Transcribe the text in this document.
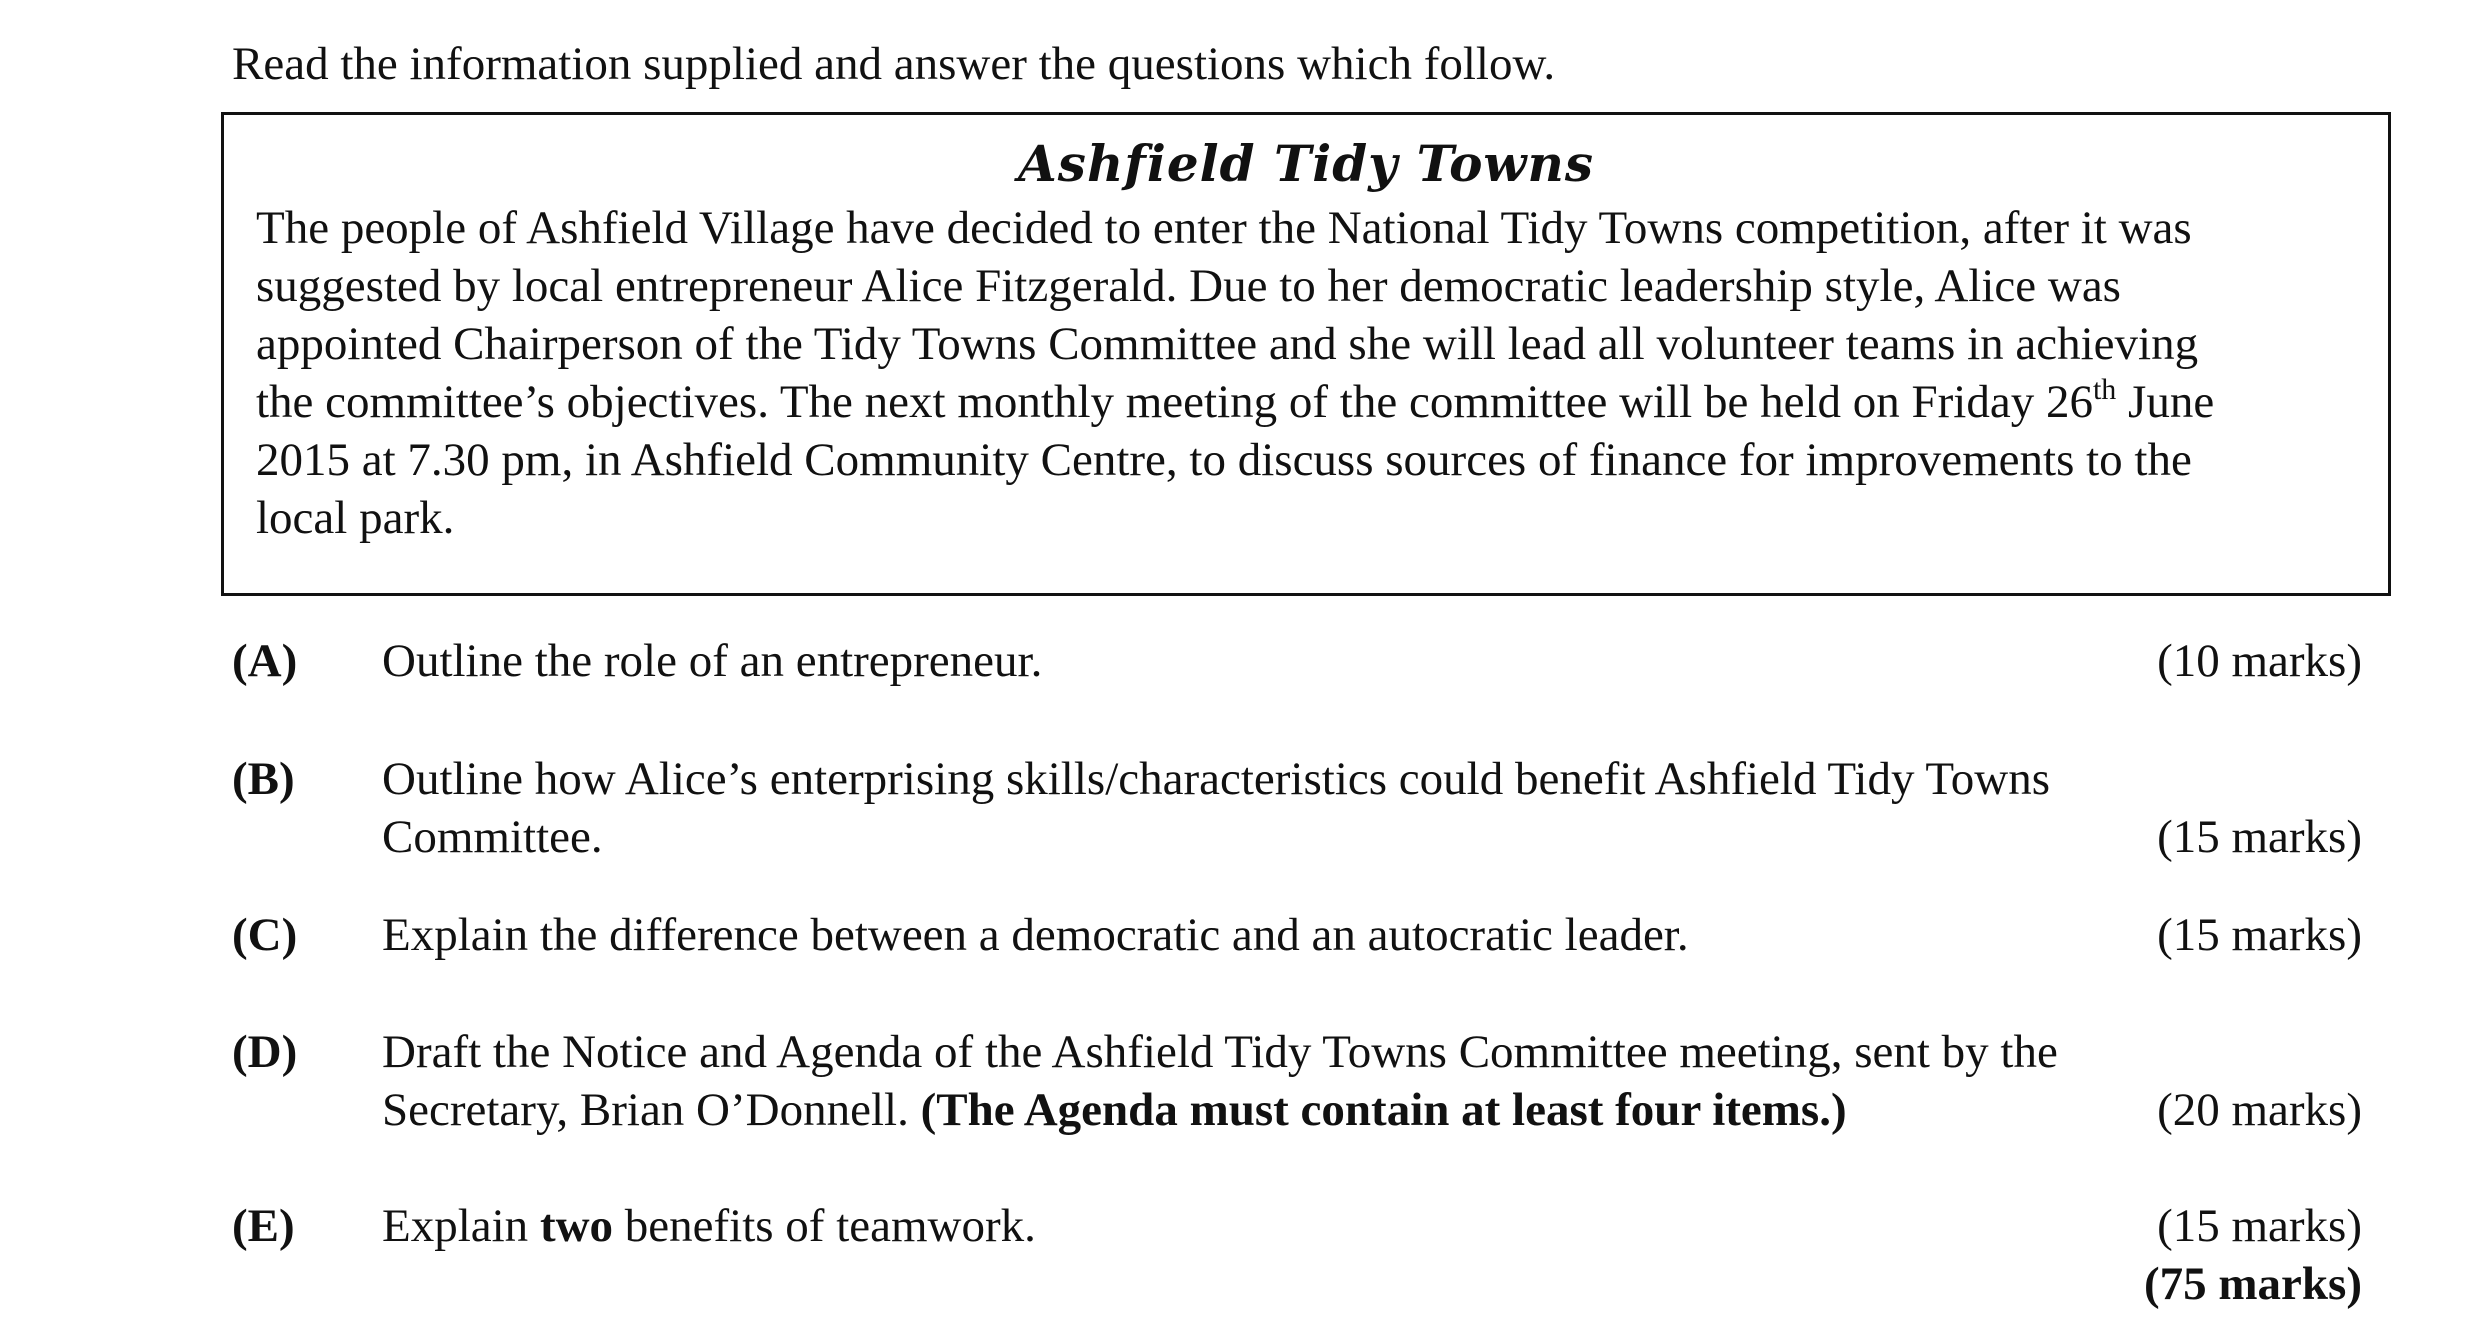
Read the information supplied and answer the questions which follow.
Ashfield Tidy Towns
The people of Ashfield Village have decided to enter the National Tidy Towns competition, after it was
suggested by local entrepreneur Alice Fitzgerald. Due to her democratic leadership style, Alice was
appointed Chairperson of the Tidy Towns Committee and she will lead all volunteer teams in achieving
the committee’s objectives. The next monthly meeting of the committee will be held on Friday 26th June
2015 at 7.30 pm, in Ashfield Community Centre, to discuss sources of finance for improvements to the
local park.
(A) Outline the role of an entrepreneur.	(10 marks)
(B) Outline how Alice’s enterprising skills/characteristics could benefit Ashfield Tidy Towns
Committee.	(15 marks)
(C) Explain the difference between a democratic and an autocratic leader.	(15 marks)
(D) Draft the Notice and Agenda of the Ashfield Tidy Towns Committee meeting, sent by the
Secretary, Brian O’Donnell. (The Agenda must contain at least four items.)	(20 marks)
(E) Explain two benefits of teamwork.	(15 marks)
(75 marks)
